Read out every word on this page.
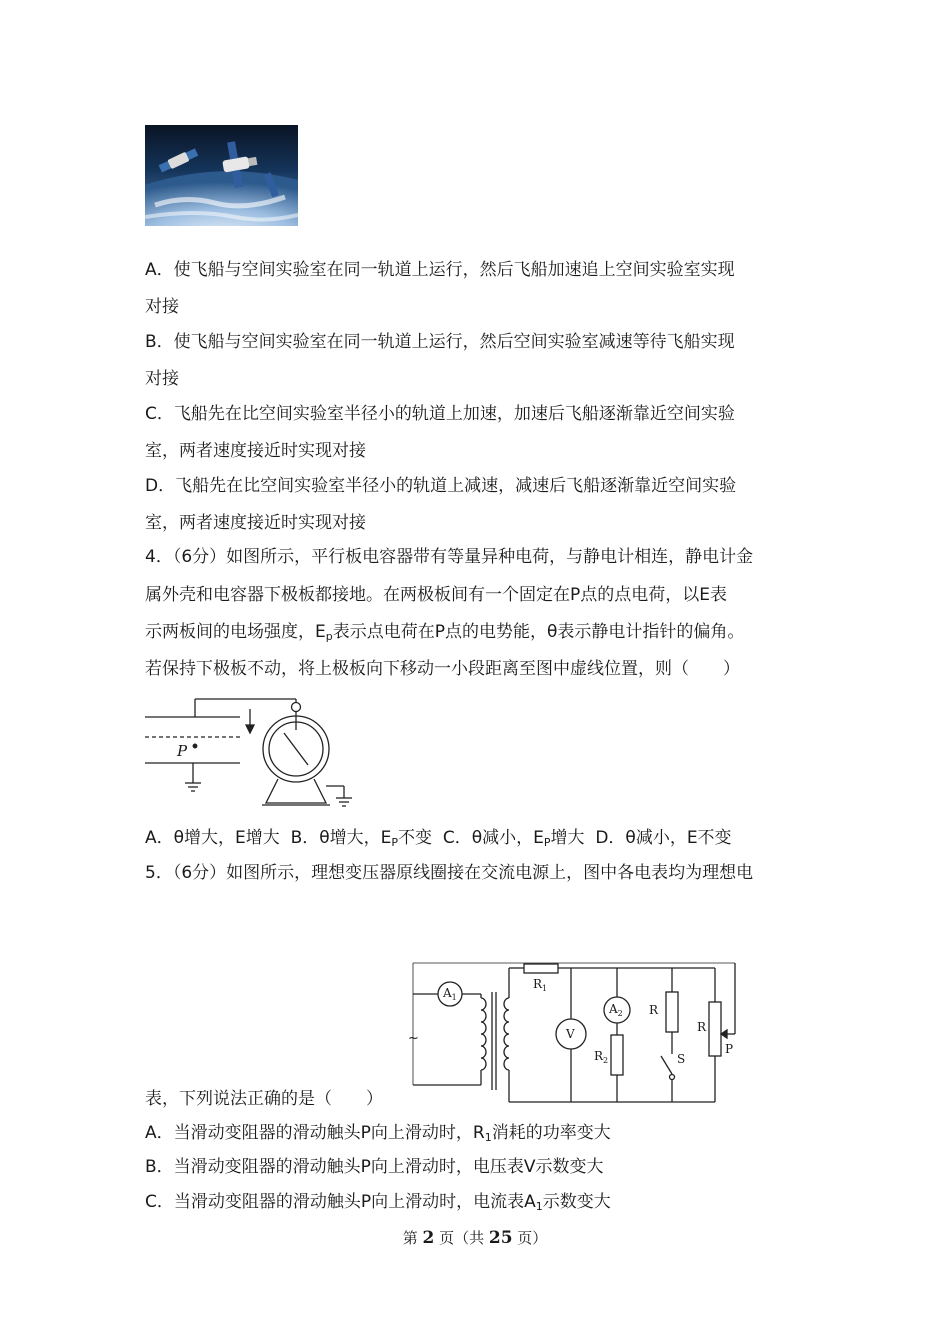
A．使飞船与空间实验室在同一轨道上运行，然后飞船加速追上空间实验室实现
对接
B．使飞船与空间实验室在同一轨道上运行，然后空间实验室减速等待飞船实现
对接
C．飞船先在比空间实验室半径小的轨道上加速，加速后飞船逐渐靠近空间实验
室，两者速度接近时实现对接
D．飞船先在比空间实验室半径小的轨道上减速，减速后飞船逐渐靠近空间实验
室，两者速度接近时实现对接
4．（6分）如图所示，平行板电容器带有等量异种电荷，与静电计相连，静电计金
属外壳和电容器下极板都接地。在两极板间有一个固定在P点的点电荷，以E表
示两板间的电场强度，$E_p$表示点电荷在P点的电势能，θ表示静电计指针的偏角。
若保持下极板不动，将上极板向下移动一小段距离至图中虚线位置，则（　　）
P
A．θ增大，E增大 B．θ增大，$E_P$不变 C．θ减小，$E_P$增大 D．θ减小，E不变
5．（6分）如图所示，理想变压器原线圈接在交流电源上，图中各电表均为理想电
~
$A_1$
$R_1$
V
$A_2$
$R_2$
R
S
R
P
表，下列说法正确的是（　　）
A．当滑动变阻器的滑动触头P向上滑动时，$R_1$消耗的功率变大
B．当滑动变阻器的滑动触头P向上滑动时，电压表V示数变大
C．当滑动变阻器的滑动触头P向上滑动时，电流表$A_1$示数变大
第 2 页（共 25 页）
